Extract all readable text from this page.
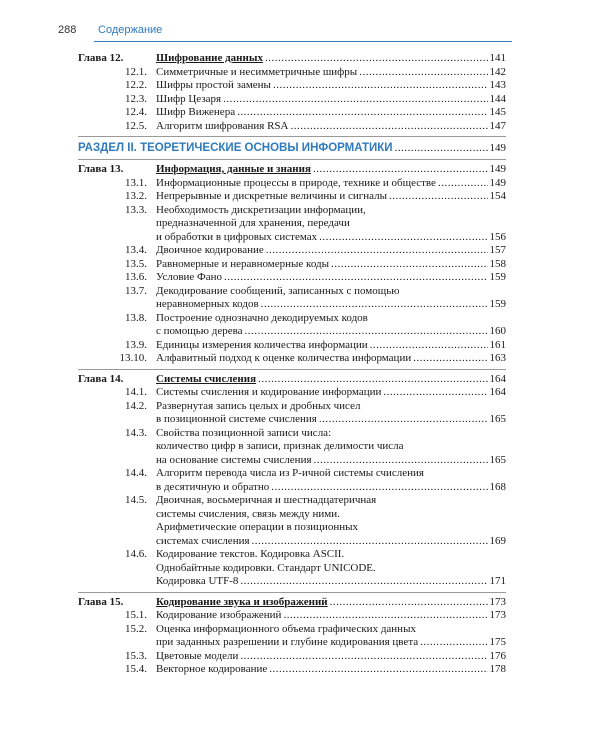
288 Содержание
Глава 12.	Шифрование данных .....	141
12.1. Симметричные и несимметричные шифры .....	142
12.2. Шифры простой замены .....	143
12.3. Шифр Цезаря .....	144
12.4. Шифр Виженера .....	145
12.5. Алгоритм шифрования RSA .....	147
РАЗДЕЛ II. ТЕОРЕТИЧЕСКИЕ ОСНОВЫ ИНФОРМАТИКИ .....	149
Глава 13.	Информация, данные и знания .....	149
13.1. Информационные процессы в природе, технике и обществе .....	149
13.2. Непрерывные и дискретные величины и сигналы .....	154
13.3. Необходимость дискретизации информации,
предназначенной для хранения, передачи
и обработки в цифровых системах .....	156
13.4. Двоичное кодирование .....	157
13.5. Равномерные и неравномерные коды .....	158
13.6. Условие Фано .....	159
13.7. Декодирование сообщений, записанных с помощью
неравномерных кодов .....	159
13.8. Построение однозначно декодируемых кодов
с помощью дерева .....	160
13.9. Единицы измерения количества информации .....	161
13.10. Алфавитный подход к оценке количества информации .....	163
Глава 14.	Системы счисления .....	164
14.1. Системы счисления и кодирование информации .....	164
14.2. Развернутая запись целых и дробных чисел
в позиционной системе счисления .....	165
14.3. Свойства позиционной записи числа:
количество цифр в записи, признак делимости числа
на основание системы счисления .....	165
14.4. Алгоритм перевода числа из P-ичной системы счисления
в десятичную и обратно .....	168
14.5. Двоичная, восьмеричная и шестнадцатеричная
системы счисления, связь между ними.
Арифметические операции в позиционных
системах счисления .....	169
14.6. Кодирование текстов. Кодировка ASCII.
Однобайтные кодировки. Стандарт UNICODE.
Кодировка UTF-8 .....	171
Глава 15.	Кодирование звука и изображений .....	173
15.1. Кодирование изображений .....	173
15.2. Оценка информационного объема графических данных
при заданных разрешении и глубине кодирования цвета .....	175
15.3. Цветовые модели .....	176
15.4. Векторное кодирование .....	178
